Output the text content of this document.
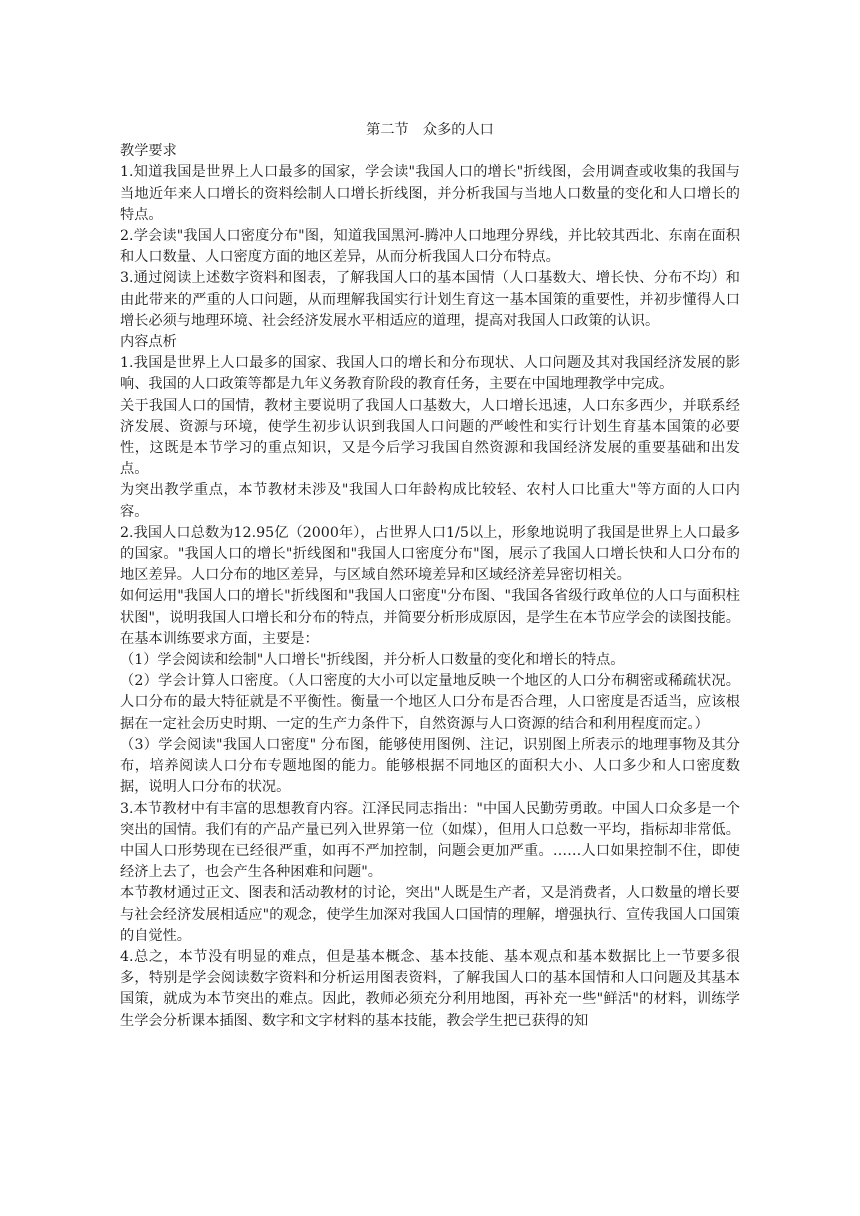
第二节　众多的人口

教学要求

1.知道我国是世界上人口最多的国家，学会读"我国人口的增长"折线图，会用调查或收集的我国与当地近年来人口增长的资料绘制人口增长折线图，并分析我国与当地人口数量的变化和人口增长的特点。

2.学会读"我国人口密度分布"图，知道我国黑河-腾冲人口地理分界线，并比较其西北、东南在面积和人口数量、人口密度方面的地区差异，从而分析我国人口分布特点。

3.通过阅读上述数字资料和图表，了解我国人口的基本国情（人口基数大、增长快、分布不均）和由此带来的严重的人口问题，从而理解我国实行计划生育这一基本国策的重要性，并初步懂得人口增长必须与地理环境、社会经济发展水平相适应的道理，提高对我国人口政策的认识。

内容点析

1.我国是世界上人口最多的国家、我国人口的增长和分布现状、人口问题及其对我国经济发展的影响、我国的人口政策等都是九年义务教育阶段的教育任务，主要在中国地理教学中完成。

关于我国人口的国情，教材主要说明了我国人口基数大，人口增长迅速，人口东多西少，并联系经济发展、资源与环境，使学生初步认识到我国人口问题的严峻性和实行计划生育基本国策的必要性，这既是本节学习的重点知识，又是今后学习我国自然资源和我国经济发展的重要基础和出发点。

为突出教学重点，本节教材未涉及"我国人口年龄构成比较轻、农村人口比重大"等方面的人口内容。

2.我国人口总数为12.95亿（2000年），占世界人口1/5以上，形象地说明了我国是世界上人口最多的国家。"我国人口的增长"折线图和"我国人口密度分布"图，展示了我国人口增长快和人口分布的地区差异。人口分布的地区差异，与区域自然环境差异和区域经济差异密切相关。

如何运用"我国人口的增长"折线图和"我国人口密度"分布图、"我国各省级行政单位的人口与面积柱状图"，说明我国人口增长和分布的特点，并简要分析形成原因，是学生在本节应学会的读图技能。在基本训练要求方面，主要是：

（1）学会阅读和绘制"人口增长"折线图，并分析人口数量的变化和增长的特点。

（2）学会计算人口密度。（人口密度的大小可以定量地反映一个地区的人口分布稠密或稀疏状况。人口分布的最大特征就是不平衡性。衡量一个地区人口分布是否合理，人口密度是否适当，应该根据在一定社会历史时期、一定的生产力条件下，自然资源与人口资源的结合和利用程度而定。）

（3）学会阅读"我国人口密度" 分布图，能够使用图例、注记，识别图上所表示的地理事物及其分布，培养阅读人口分布专题地图的能力。能够根据不同地区的面积大小、人口多少和人口密度数据，说明人口分布的状况。

3.本节教材中有丰富的思想教育内容。江泽民同志指出："中国人民勤劳勇敢。中国人口众多是一个突出的国情。我们有的产品产量已列入世界第一位（如煤），但用人口总数一平均，指标却非常低。中国人口形势现在已经很严重，如再不严加控制，问题会更加严重。……人口如果控制不住，即使经济上去了，也会产生各种困难和问题"。

本节教材通过正文、图表和活动教材的讨论，突出"人既是生产者，又是消费者，人口数量的增长要与社会经济发展相适应"的观念，使学生加深对我国人口国情的理解，增强执行、宣传我国人口国策的自觉性。

4.总之，本节没有明显的难点，但是基本概念、基本技能、基本观点和基本数据比上一节要多很多，特别是学会阅读数字资料和分析运用图表资料，了解我国人口的基本国情和人口问题及其基本国策，就成为本节突出的难点。因此，教师必须充分利用地图，再补充一些"鲜活"的材料，训练学生学会分析课本插图、数字和文字材料的基本技能，教会学生把已获得的知
